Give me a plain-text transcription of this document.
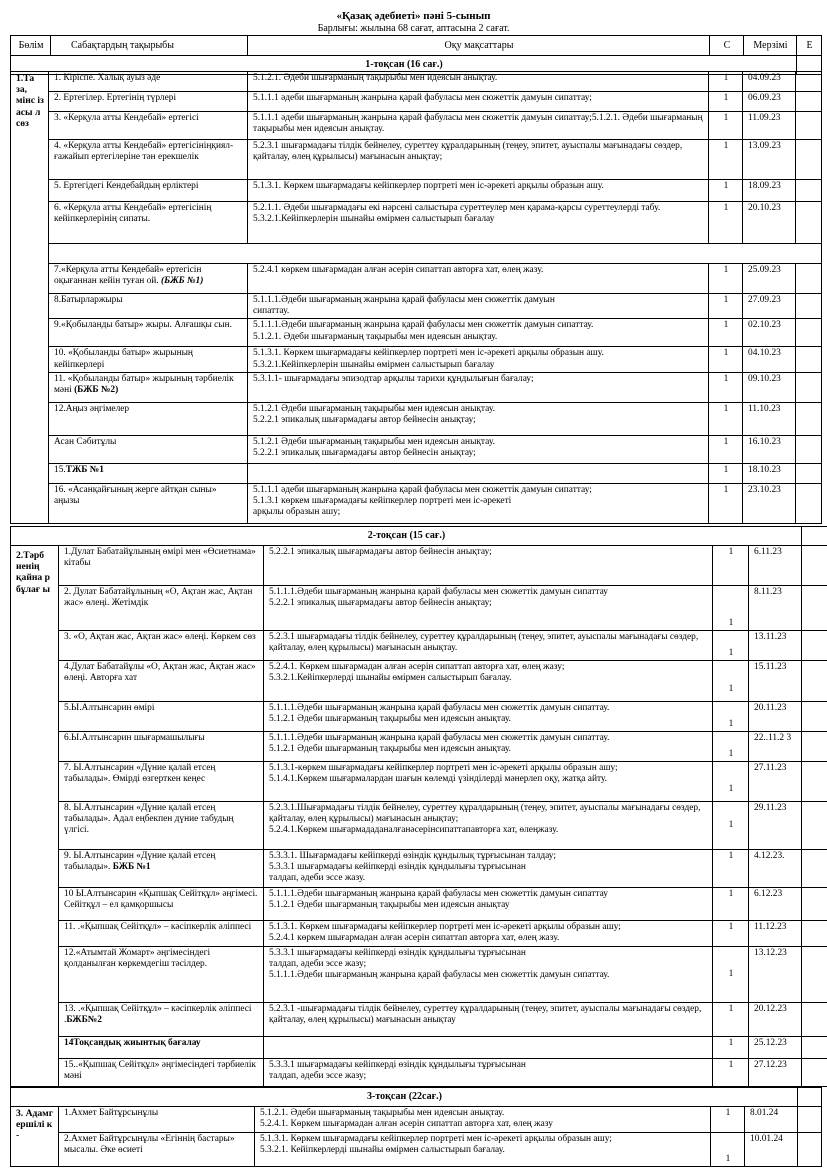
«Қазақ әдебиеті» пәні 5-сынып
Барлығы: жылына 68 сағат, аптасына 2 сағат.
Бөлім	Сабақтардың тақырыбы	Оқу мақсаттары	С	Мерзімі	Е
1-тоқсан (16 сағ.)					
1.Та за, мінс із асы л сөз	1. Кіріспе. Халық ауыз әде	5.1.2.1. Әдеби шығарманың тақырыбы мен идеясын анықтау.	1	04.09.23	
	2. Ертегілер. Ертегінің түрлері	5.1.1.1 әдеби шығарманың жанрына қарай фабуласы мен сюжеттік дамуын сипаттау;	1	06.09.23	
	3. «Керқула атты Кендебай» ертегісі	5.1.1.1 әдеби шығарманың жанрына қарай фабуласы мен сюжеттік дамуын сипаттау;5.1.2.1. Әдеби шығарманың тақырыбы мен идеясын анықтау.	1	11.09.23	
	4. «Керқула атты Кендебай» ертегісініңқиял-ғажайып ертегілеріне тән ерекшелік	5.2.3.1 шығармадағы тілдік бейнелеу, суреттеу құралдарының (теңеу, эпитет, ауыспалы мағынадағы сөздер, қайталау, өлең құрылысы) мағынасын анықтау;	1	13.09.23	
	5. Ертегідегі Кендебайдың ерліктері	5.1.3.1. Көркем шығармадағы кейіпкерлер портреті мен іс-әрекеті арқылы образын ашу.	1	18.09.23	
	6. «Керқула атты Кендебай» ертегісінің кейіпкерлерінің сипаты.	5.2.1.1. Әдеби шығармадағы екі нәрсені салыстыра суреттеулер мен қарама-қарсы суреттеулерді табу.
5.3.2.1.Кейіпкерлерін шынайы өмірмен салыстырып бағалау	1	20.10.23	

	7.«Керқула атты Кендебай» ертегісін оқығаннан кейін туған ой. (БЖБ №1)	5.2.4.1 көркем шығармадан алған әсерін сипаттап авторға хат, өлең жазу.	1	25.09.23	
	8.Батырларжыры	5.1.1.1.Әдеби шығарманың жанрына қарай фабуласы мен сюжеттік дамуын сипаттау.	1	27.09.23	
	9.«Қобыланды батыр» жыры. Алғашқы сын.	5.1.1.1.Әдеби шығарманың жанрына қарай фабуласы мен сюжеттік дамуын сипаттау.
5.1.2.1. Әдеби шығарманың тақырыбы мен идеясын анықтау.	1	02.10.23	
	10. «Қобыланды батыр» жырының кейіпкерлері	5.1.3.1. Көркем шығармадағы кейіпкерлер портреті мен іс-әрекеті арқылы образын ашу.
5.3.2.1.Кейіпкерлерін шынайы өмірмен салыстырып бағалау	1	04.10.23	
	11. «Қобыланды батыр» жырының тәрбиелік мәні (БЖБ №2)	5.3.1.1- шығармадағы эпизодтар арқылы тарихи құндылығын бағалау;	1	09.10.23	
	12.Аңыз әңгімелер	5.1.2.1 Әдеби шығарманың тақырыбы мен идеясын анықтау.
5.2.2.1 эпикалық шығармадағы автор бейнесін анықтау;	1	11.10.23	
	Асан Сәбитұлы	5.1.2.1 Әдеби шығарманың тақырыбы мен идеясын анықтау.
5.2.2.1 эпикалық шығармадағы автор бейнесін анықтау;	1	16.10.23	
	15.ТЖБ №1		1	18.10.23	
	16. «Асанқайғының жерге айтқан сыны» аңызы	5.1.1.1 әдеби шығарманың жанрына қарай фабуласы мен сюжеттік дамуын сипаттау;
5.1.3.1 көркем шығармадағы кейіпкерлер портреті мен іс-әрекеті
арқылы образын ашу;	1	23.10.23	
2-тоқсан (15 сағ.)					
2.Тәрб иенің қайна р бұлағ ы	1.Дулат Бабатайұлының өмірі мен «Өсиетнама» кітабы	5.2.2.1 эпикалық шығармадағы автор бейнесін анықтау;	1	6.11.23	
	2. Дулат Бабатайұлының «О, Ақтан жас, Ақтан жас» өлеңі. Жетімдік	5.1.1.1.Әдеби шығарманың жанрына қарай фабуласы мен сюжеттік дамуын сипаттау
5.2.2.1 эпикалық шығармадағы автор бейнесін анықтау;	1	8.11.23	
	3. «О, Ақтан жас, Ақтан жас» өлеңі. Көркем сөз	5.2.3.1 шығармадағы тілдік бейнелеу, суреттеу құралдарының (теңеу, эпитет, ауыспалы мағынадағы сөздер, қайталау, өлең құрылысы) мағынасын анықтау.	1	13.11.23	
	4.Дулат Бабатайұлы «О, Ақтан жас, Ақтан жас» өлеңі. Авторға хат	5.2.4.1. Көркем шығармадан алған әсерін сипаттап авторға хат, өлең жазу;
5.3.2.1.Кейіпкерлерді шынайы өмірмен салыстырып бағалау.	1	15.11.23	
	5.Ы.Алтынсарин өмірі	5.1.1.1.Әдеби шығарманың жанрына қарай фабуласы мен сюжеттік дамуын сипаттау.
5.1.2.1 Әдеби шығарманың тақырыбы мен идеясын анықтау.	1	20.11.23	
	6.Ы.Алтынсарин шығармашылығы	5.1.1.1.Әдеби шығарманың жанрына қарай фабуласы мен сюжеттік дамуын сипаттау.
5.1.2.1 Әдеби шығарманың тақырыбы мен идеясын анықтау.	1	22..11.2 3	
	7. Ы.Алтынсарин «Дүние қалай етсең табылады». Өмірді өзгерткен кеңес	5.1.3.1-көркем шығармадағы кейіпкерлер портреті мен іс-әрекеті арқылы образын ашу;
5.1.4.1.Көркем шығармалардан шағын көлемді үзінділерді мәнерлеп оқу, жатқа айту.	1	27.11.23	
	8. Ы.Алтынсарин «Дүние қалай етсең табылады». Адал еңбекпен дүние табудың үлгісі.	5.2.3.1.Шығармадағы тілдік бейнелеу, суреттеу құралдарының (теңеу, эпитет, ауыспалы мағынадағы сөздер, қайталау, өлең құрылысы) мағынасын анықтау;
5.2.4.1.Көркем шығармададаналғанәсерінсипаттапавторға хат, өлеңжазу.	1	29.11.23	
	9. Ы.Алтынсарин «Дүние қалай етсең табылады». БЖБ №1	5.3.3.1. Шығармадағы кейіпкерді өзіндік құндылық тұрғысынан талдау;
5.3.3.1 шығармадағы кейіпкерді өзіндік құндылығы тұрғысынан
талдап, әдеби эссе жазу.	1	4.12.23.	
	10 Ы.Алтынсарин «Қыпшақ Сейітқұл» әңгімесі. Сейітқұл – ел қамқоршысы	5.1.1.1.Әдеби шығарманың жанрына қарай фабуласы мен сюжеттік дамуын сипаттау
5.1.2.1 Әдеби шығарманың тақырыбы мен идеясын анықтау	1	6.12.23	
	11. .«Қыпшақ Сейітқұл» – кәсіпкерлік әліппесі	5.1.3.1. Көркем шығармадағы кейіпкерлер портреті мен іс-әрекеті арқылы образын ашу;
5.2.4.1 көркем шығармадан алған әсерін сипаттап авторға хат, өлең жазу.	1	11.12.23	
	12.«Атымтай Жомарт» әңгімесіндегі қолданылған көркемдегіш тәсілдер.	5.3.3.1 шығармадағы кейіпкерді өзіндік құндылығы тұрғысынан
талдап, әдеби эссе жазу;
5.1.1.1.Әдеби шығарманың жанрына қарай фабуласы мен сюжеттік дамуын сипаттау.	1	13.12.23	
	13. .«Қыпшақ Сейітқұл» – кәсіпкерлік әліппесі .БЖБ№2	5.2.3.1 -шығармадағы тілдік бейнелеу, суреттеу құралдарының (теңеу, эпитет, ауыспалы мағынадағы сөздер, қайталау, өлең құрылысы) мағынасын анықтау	1	20.12.23	
	14Тоқсандық жиынтық бағалау		1	25.12.23	
	15..«Қыпшақ Сейітқұл» әңгімесіндегі тәрбиелік мәні	5.3.3.1 шығармадағы кейіпкерді өзіндік құндылығы тұрғысынан
талдап, әдеби эссе жазу;	1	27.12.23	
3-тоқсан (22сағ.)					
3. Адамг ершілі к -	1.Ахмет Байтұрсынұлы	5.1.2.1. Әдеби шығарманың тақырыбы мен идеясын анықтау.
5.2.4.1. Көркем шығармадан алған әсерін сипаттап авторға хат, өлең жазу	1	8.01.24	
	2.Ахмет Байтұрсынұлы «Егіннің бастары» мысалы. Әке өсиеті	5.1.3.1. Көркем шығармадағы кейіпкерлер портреті мен іс-әрекеті арқылы образын ашу;
5.3.2.1. Кейіпкерлерді шынайы өмірмен салыстырып бағалау.	1	10.01.24	
